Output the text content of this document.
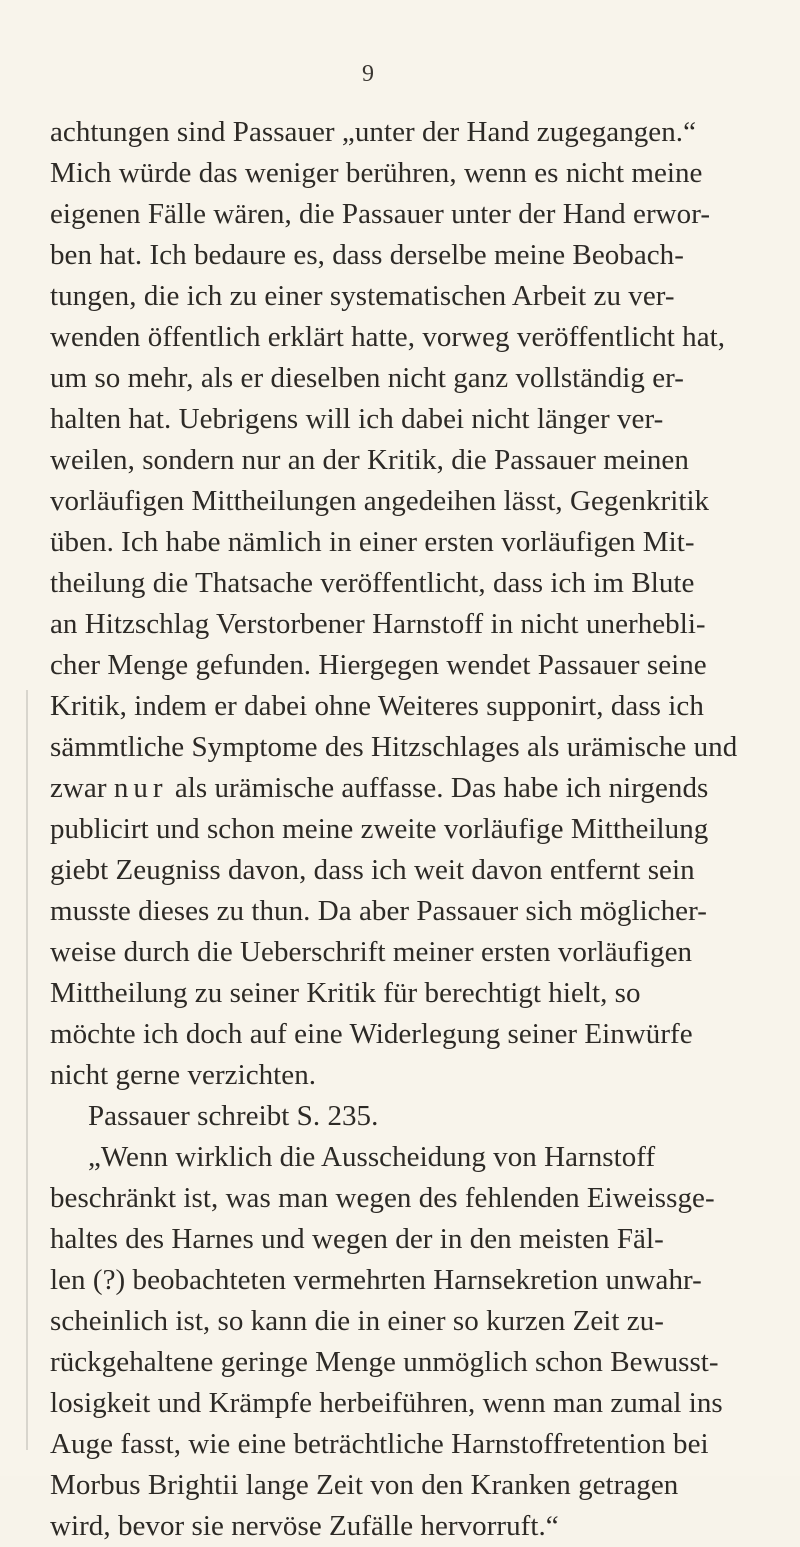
9
achtungen sind Passauer „unter der Hand zugegangen.“
Mich würde das weniger berühren, wenn es nicht meine
eigenen Fälle wären, die Passauer unter der Hand erwor-
ben hat. Ich bedaure es, dass derselbe meine Beobach-
tungen, die ich zu einer systematischen Arbeit zu ver-
wenden öffentlich erklärt hatte, vorweg veröffentlicht hat,
um so mehr, als er dieselben nicht ganz vollständig er-
halten hat. Uebrigens will ich dabei nicht länger ver-
weilen, sondern nur an der Kritik, die Passauer meinen
vorläufigen Mittheilungen angedeihen lässt, Gegenkritik
üben. Ich habe nämlich in einer ersten vorläufigen Mit-
theilung die Thatsache veröffentlicht, dass ich im Blute
an Hitzschlag Verstorbener Harnstoff in nicht unerhebli-
cher Menge gefunden. Hiergegen wendet Passauer seine
Kritik, indem er dabei ohne Weiteres supponirt, dass ich
sämmtliche Symptome des Hitzschlages als urämische und
zwar nur als urämische auffasse. Das habe ich nirgends
publicirt und schon meine zweite vorläufige Mittheilung
giebt Zeugniss davon, dass ich weit davon entfernt sein
musste dieses zu thun. Da aber Passauer sich möglicher-
weise durch die Ueberschrift meiner ersten vorläufigen
Mittheilung zu seiner Kritik für berechtigt hielt, so
möchte ich doch auf eine Widerlegung seiner Einwürfe
nicht gerne verzichten.
Passauer schreibt S. 235.
„Wenn wirklich die Ausscheidung von Harnstoff
beschränkt ist, was man wegen des fehlenden Eiweissge-
haltes des Harnes und wegen der in den meisten Fäl-
len (?) beobachteten vermehrten Harnsekretion unwahr-
scheinlich ist, so kann die in einer so kurzen Zeit zu-
rückgehaltene geringe Menge unmöglich schon Bewusst-
losigkeit und Krämpfe herbeiführen, wenn man zumal ins
Auge fasst, wie eine beträchtliche Harnstoffretention bei
Morbus Brightii lange Zeit von den Kranken getragen
wird, bevor sie nervöse Zufälle hervorruft.“
